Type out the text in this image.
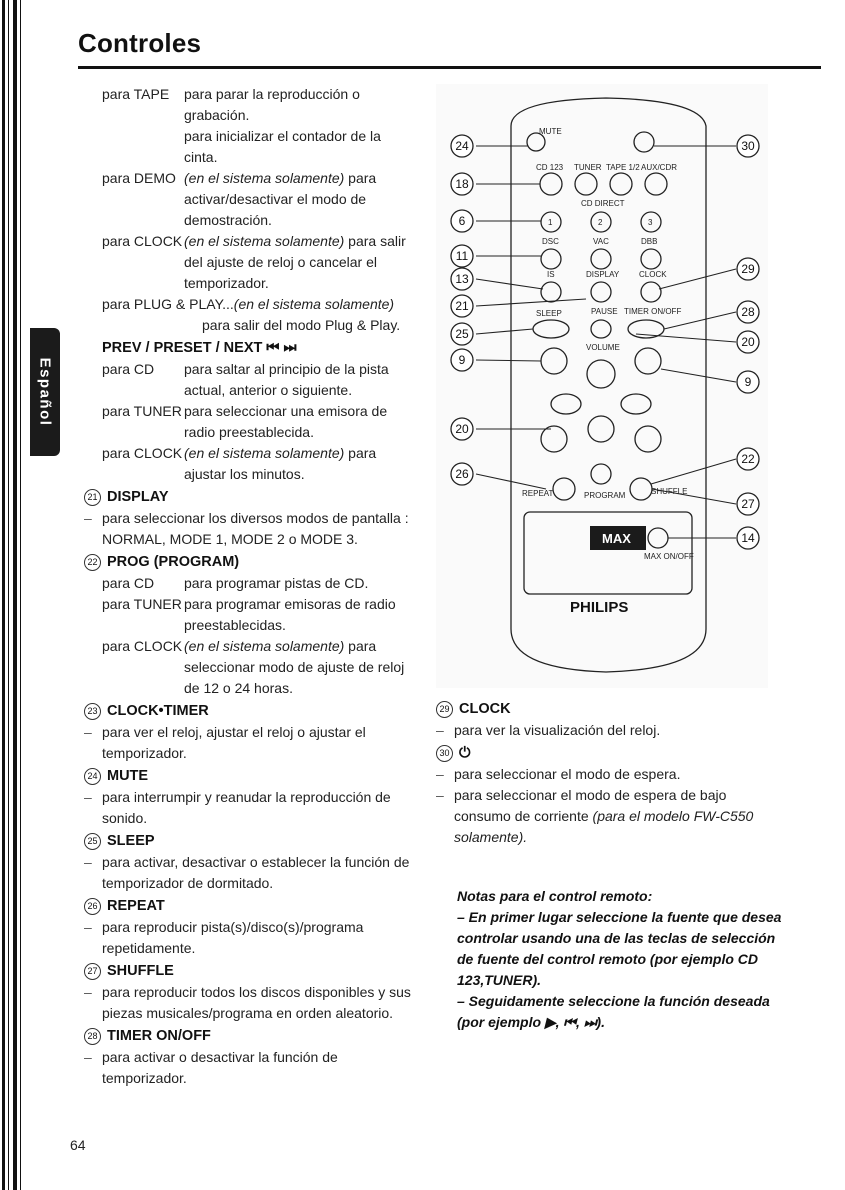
Controles
Español
para TAPE para parar la reproducción o grabación.
para inicializar el contador de la cinta.
para DEMO (en el sistema solamente) para activar/desactivar el modo de demostración.
para CLOCK (en el sistema solamente) para salir del ajuste de reloj o cancelar el temporizador.
para PLUG & PLAY...(en el sistema solamente)
para salir del modo Plug & Play.
PREV / PRESET / NEXT ⏮ ⏭
para CD para saltar al principio de la pista actual, anterior o siguiente.
para TUNER para seleccionar una emisora de radio preestablecida.
para CLOCK (en el sistema solamente) para ajustar los minutos.
21 DISPLAY
– para seleccionar los diversos modos de pantalla : NORMAL, MODE 1, MODE 2 o MODE 3.
22 PROG (PROGRAM)
para CD para programar pistas de CD.
para TUNER para programar emisoras de radio preestablecidas.
para CLOCK (en el sistema solamente) para seleccionar modo de ajuste de reloj de 12 o 24 horas.
23 CLOCK•TIMER
– para ver el reloj, ajustar el reloj o ajustar el temporizador.
24 MUTE
– para interrumpir y reanudar la reproducción de sonido.
25 SLEEP
– para activar, desactivar o establecer la función de temporizador de dormitado.
26 REPEAT
– para reproducir pista(s)/disco(s)/programa repetidamente.
27 SHUFFLE
– para reproducir todos los discos disponibles y sus piezas musicales/programa en orden aleatorio.
28 TIMER ON/OFF
– para activar o desactivar la función de temporizador.
MUTE
CD 123 TUNER TAPE 1/2 AUX/CDR
CD DIRECT
1	2	3
DSC	VAC	DBB
IS	DISPLAY CLOCK
SLEEP	PAUSE TIMER ON/OFF
VOLUME
REPEAT	PROGRAM	SHUFFLE
MAX ON/OFF
MAX
PHILIPS
24
18
6
11
13
21
25
9
20
26
30
29
28
20
9
22
27
14
29 CLOCK
– para ver la visualización del reloj.
30 ⏻
– para seleccionar el modo de espera.
– para seleccionar el modo de espera de bajo consumo de corriente (para el modelo FW-C550 solamente).
Notas para el control remoto:
– En primer lugar seleccione la fuente que desea controlar usando una de las teclas de selección de fuente del control remoto (por ejemplo CD 123,TUNER).
– Seguidamente seleccione la función deseada (por ejemplo ▶, ⏮, ⏭).
64
